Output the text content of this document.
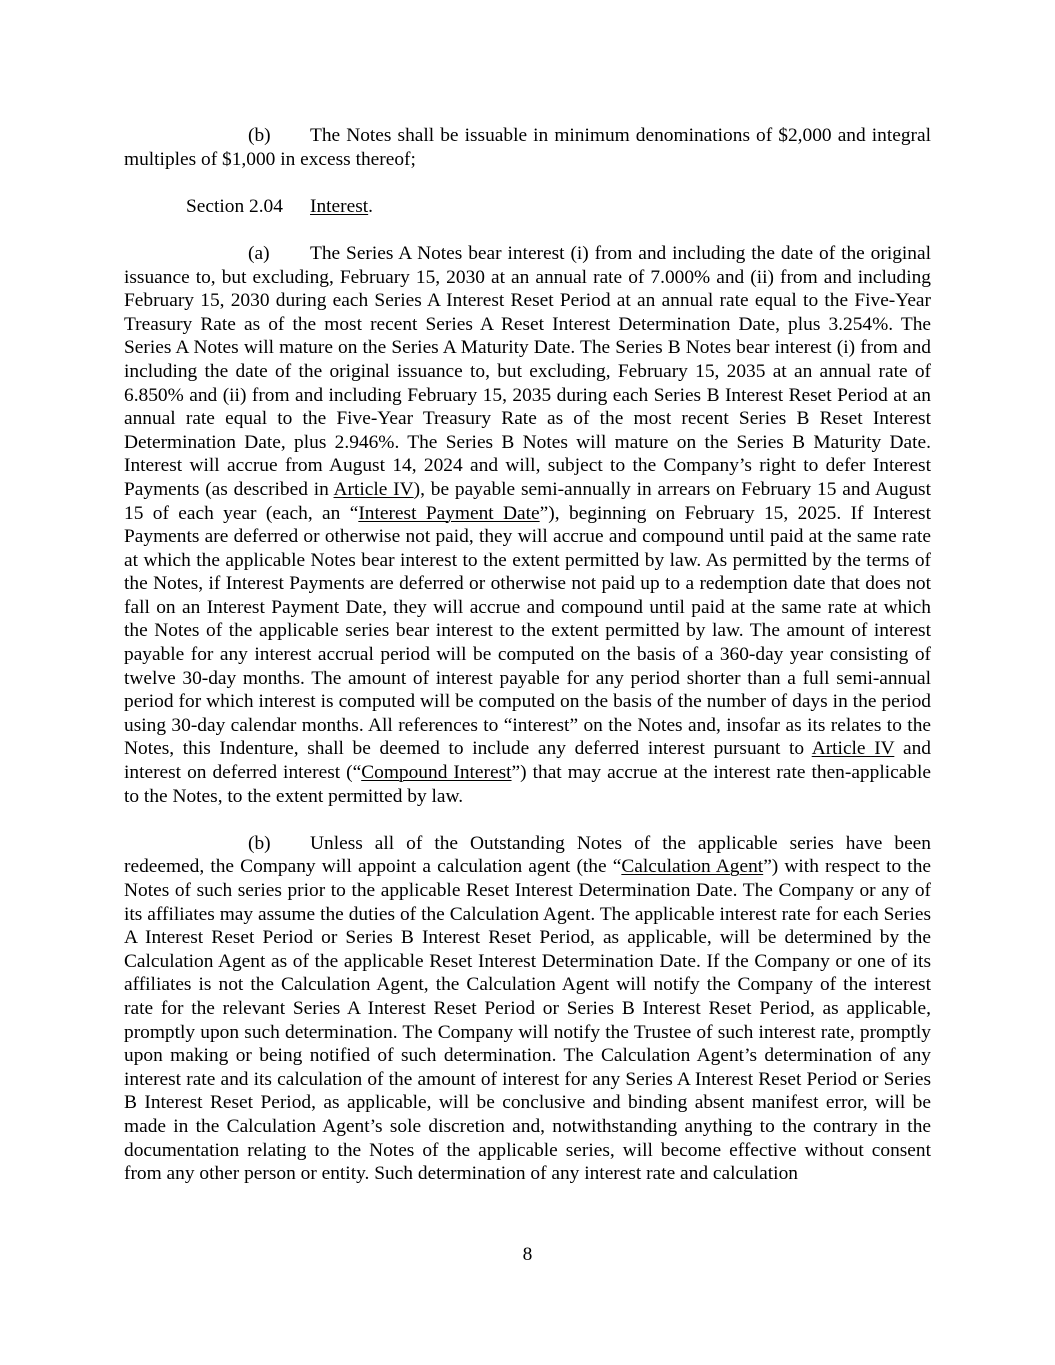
(b) The Notes shall be issuable in minimum denominations of $2,000 and integral multiples of $1,000 in excess thereof;

Section 2.04 Interest.

(a) The Series A Notes bear interest (i) from and including the date of the original issuance to, but excluding, February 15, 2030 at an annual rate of 7.000% and (ii) from and including February 15, 2030 during each Series A Interest Reset Period at an annual rate equal to the Five-Year Treasury Rate as of the most recent Series A Reset Interest Determination Date, plus 3.254%. The Series A Notes will mature on the Series A Maturity Date. The Series B Notes bear interest (i) from and including the date of the original issuance to, but excluding, February 15, 2035 at an annual rate of 6.850% and (ii) from and including February 15, 2035 during each Series B Interest Reset Period at an annual rate equal to the Five-Year Treasury Rate as of the most recent Series B Reset Interest Determination Date, plus 2.946%. The Series B Notes will mature on the Series B Maturity Date. Interest will accrue from August 14, 2024 and will, subject to the Company’s right to defer Interest Payments (as described in Article IV), be payable semi-annually in arrears on February 15 and August 15 of each year (each, an “Interest Payment Date”), beginning on February 15, 2025. If Interest Payments are deferred or otherwise not paid, they will accrue and compound until paid at the same rate at which the applicable Notes bear interest to the extent permitted by law. As permitted by the terms of the Notes, if Interest Payments are deferred or otherwise not paid up to a redemption date that does not fall on an Interest Payment Date, they will accrue and compound until paid at the same rate at which the Notes of the applicable series bear interest to the extent permitted by law. The amount of interest payable for any interest accrual period will be computed on the basis of a 360-day year consisting of twelve 30-day months. The amount of interest payable for any period shorter than a full semi-annual period for which interest is computed will be computed on the basis of the number of days in the period using 30-day calendar months. All references to “interest” on the Notes and, insofar as its relates to the Notes, this Indenture, shall be deemed to include any deferred interest pursuant to Article IV and interest on deferred interest (“Compound Interest”) that may accrue at the interest rate then-applicable to the Notes, to the extent permitted by law.

(b) Unless all of the Outstanding Notes of the applicable series have been redeemed, the Company will appoint a calculation agent (the “Calculation Agent”) with respect to the Notes of such series prior to the applicable Reset Interest Determination Date. The Company or any of its affiliates may assume the duties of the Calculation Agent. The applicable interest rate for each Series A Interest Reset Period or Series B Interest Reset Period, as applicable, will be determined by the Calculation Agent as of the applicable Reset Interest Determination Date. If the Company or one of its affiliates is not the Calculation Agent, the Calculation Agent will notify the Company of the interest rate for the relevant Series A Interest Reset Period or Series B Interest Reset Period, as applicable, promptly upon such determination. The Company will notify the Trustee of such interest rate, promptly upon making or being notified of such determination. The Calculation Agent’s determination of any interest rate and its calculation of the amount of interest for any Series A Interest Reset Period or Series B Interest Reset Period, as applicable, will be conclusive and binding absent manifest error, will be made in the Calculation Agent’s sole discretion and, notwithstanding anything to the contrary in the documentation relating to the Notes of the applicable series, will become effective without consent from any other person or entity. Such determination of any interest rate and calculation

8
